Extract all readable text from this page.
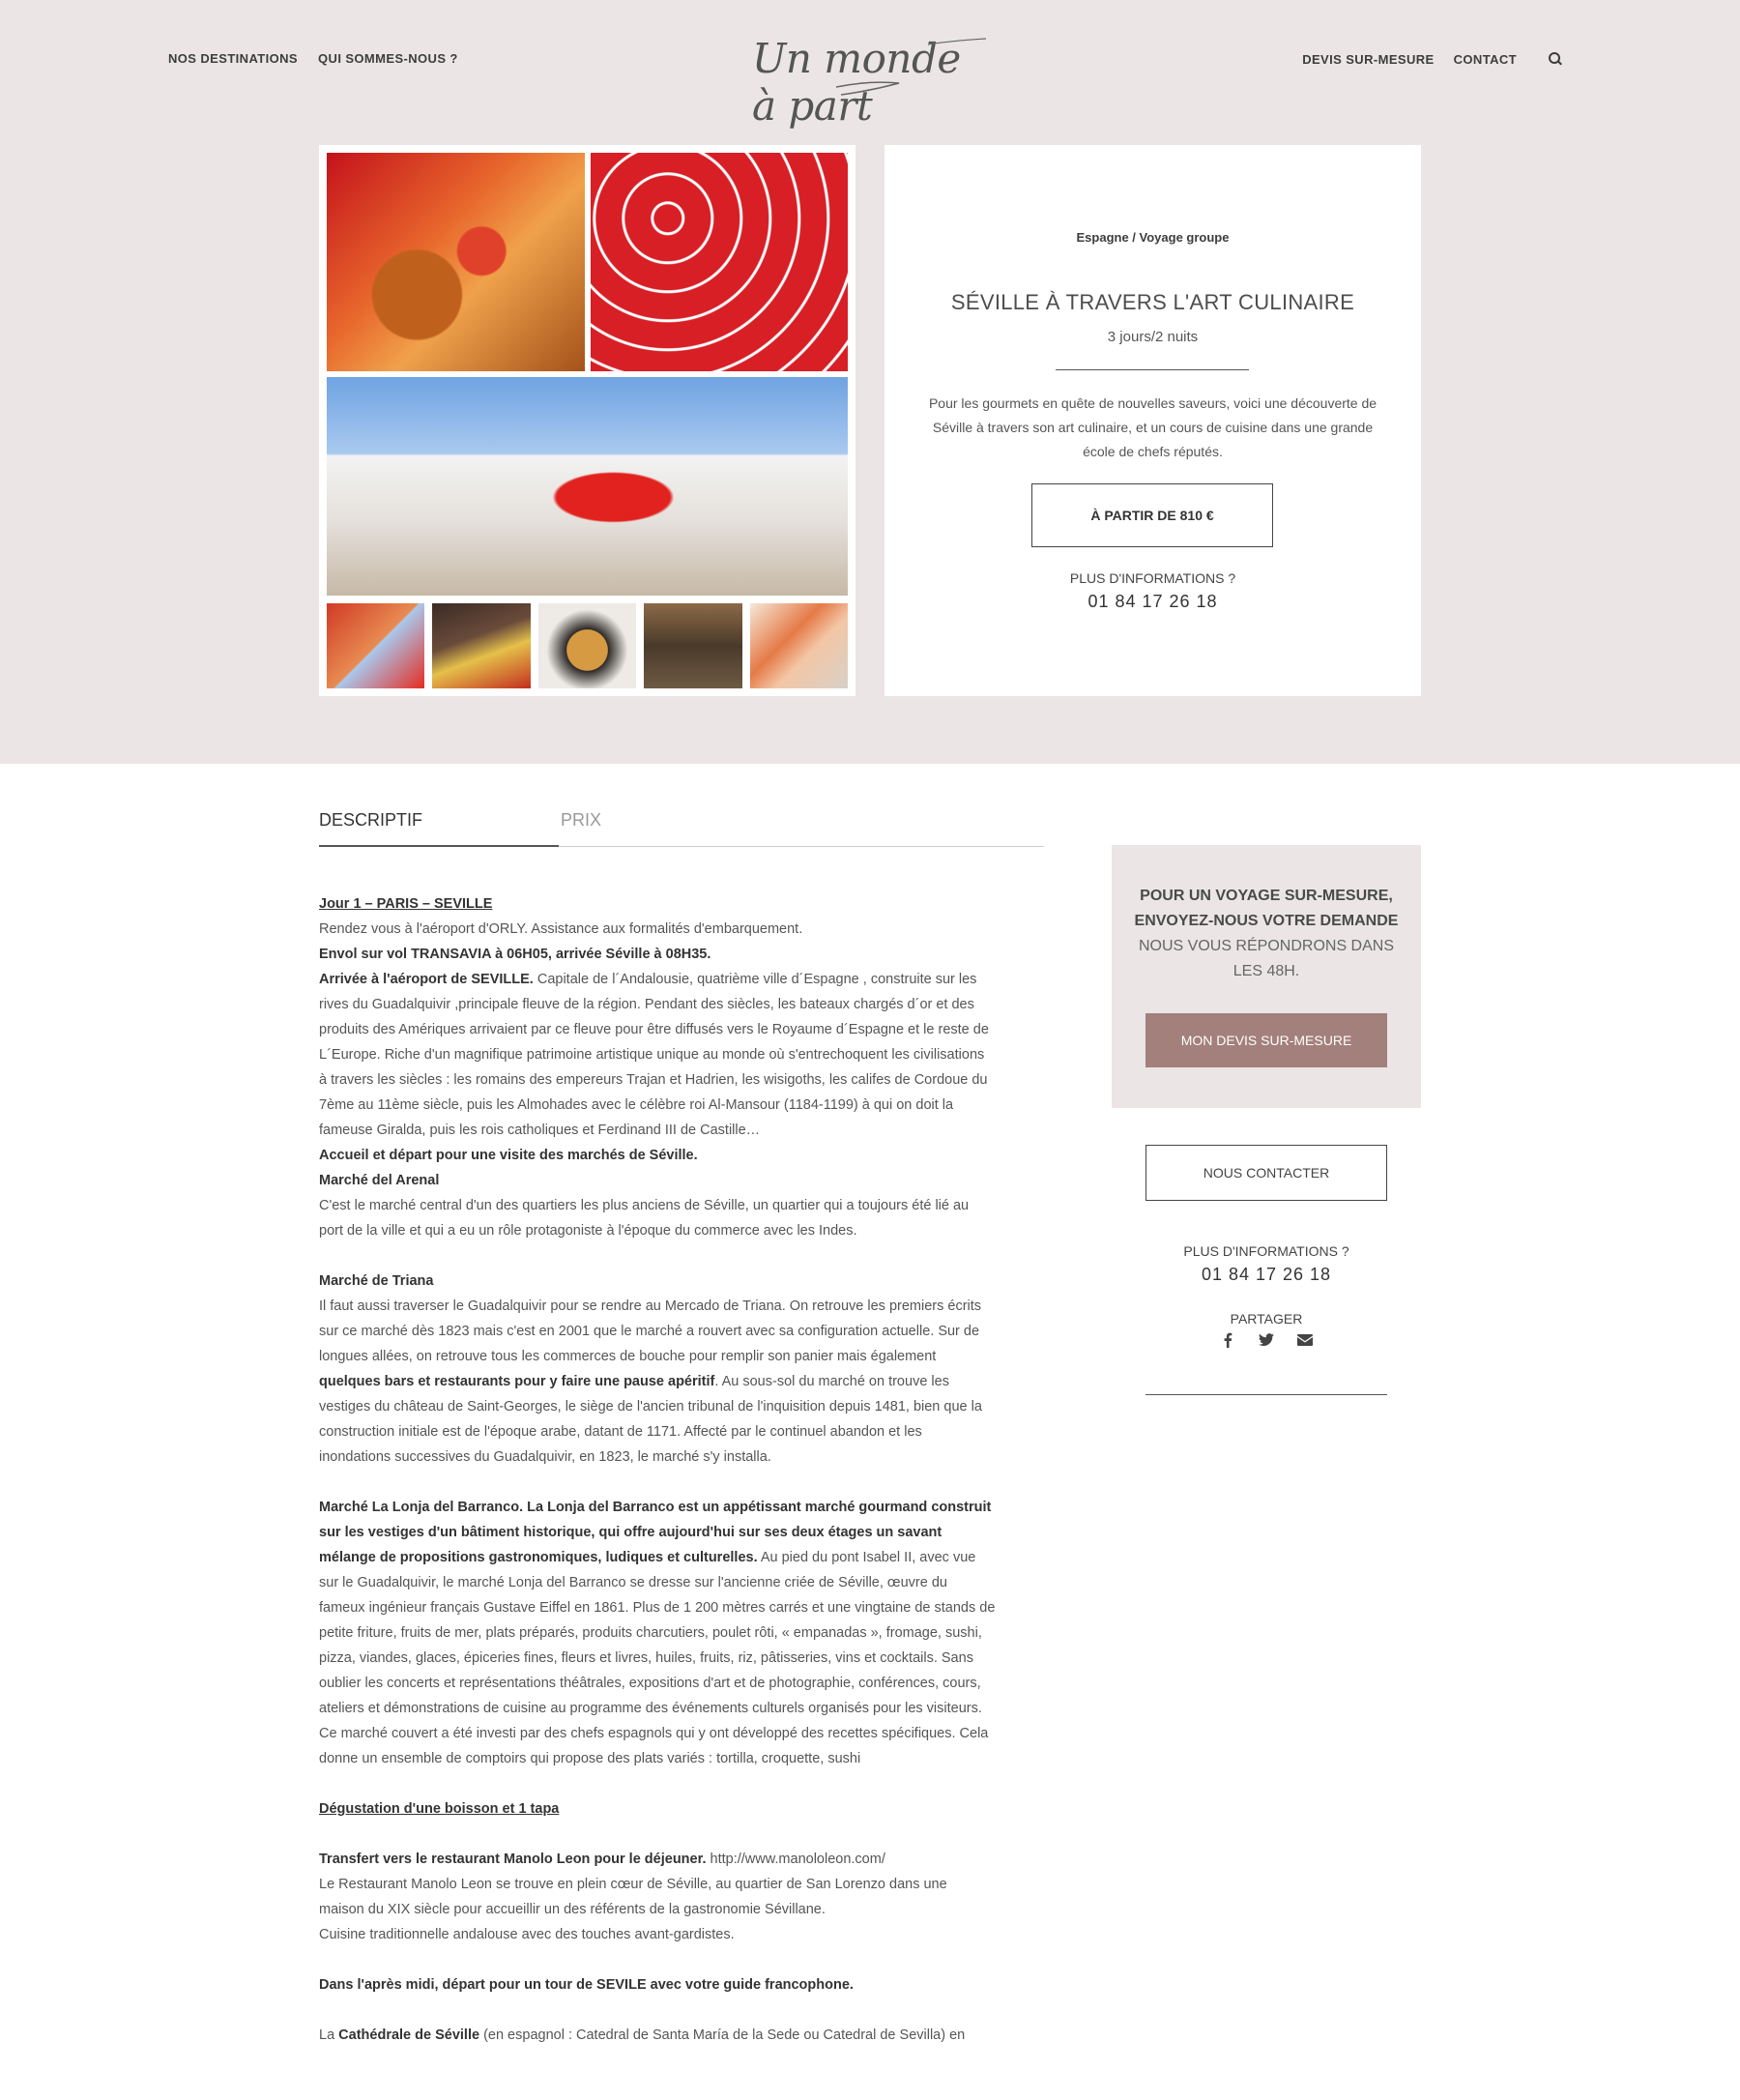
NOS DESTINATIONS QUI SOMMES-NOUS ?	Un monde à part
DEVIS SUR-MESURE CONTACT
Espagne / Voyage groupe
SÉVILLE À TRAVERS L'ART CULINAIRE
3 jours/2 nuits
Pour les gourmets en quête de nouvelles saveurs, voici une découverte de Séville à travers son art culinaire, et un cours de cuisine dans une grande école de chefs réputés.
À PARTIR DE 810 €
PLUS D'INFORMATIONS ?
01 84 17 26 18
DESCRIPTIF	PRIX

Jour 1 – PARIS – SEVILLE

Rendez vous à l'aéroport d'ORLY. Assistance aux formalités d'embarquement.

Envol sur vol TRANSAVIA à 06H05, arrivée Séville à 08H35.

Arrivée à l'aéroport de SEVILLE. Capitale de l´Andalousie, quatrième ville d´Espagne , construite sur les rives du Guadalquivir ,principale fleuve de la région. Pendant des siècles, les bateaux chargés d´or et des produits des Amériques arrivaient par ce fleuve pour être diffusés vers le Royaume d´Espagne et le reste de L´Europe. Riche d'un magnifique patrimoine artistique unique au monde où s'entrechoquent les civilisations à travers les siècles : les romains des empereurs Trajan et Hadrien, les wisigoths, les califes de Cordoue du 7ème au 11ème siècle, puis les Almohades avec le célèbre roi Al-Mansour (1184-1199) à qui on doit la fameuse Giralda, puis les rois catholiques et Ferdinand III de Castille…

Accueil et départ pour une visite des marchés de Séville.

Marché del Arenal

C'est le marché central d'un des quartiers les plus anciens de Séville, un quartier qui a toujours été lié au port de la ville et qui a eu un rôle protagoniste à l'époque du commerce avec les Indes.

Marché de Triana

Il faut aussi traverser le Guadalquivir pour se rendre au Mercado de Triana. On retrouve les premiers écrits sur ce marché dès 1823 mais c'est en 2001 que le marché a rouvert avec sa configuration actuelle. Sur de longues allées, on retrouve tous les commerces de bouche pour remplir son panier mais également quelques bars et restaurants pour y faire une pause apéritif. Au sous-sol du marché on trouve les vestiges du château de Saint-Georges, le siège de l'ancien tribunal de l'inquisition depuis 1481, bien que la construction initiale est de l'époque arabe, datant de 1171. Affecté par le continuel abandon et les inondations successives du Guadalquivir, en 1823, le marché s'y installa.

Marché La Lonja del Barranco. La Lonja del Barranco est un appétissant marché gourmand construit sur les vestiges d'un bâtiment historique, qui offre aujourd'hui sur ses deux étages un savant mélange de propositions gastronomiques, ludiques et culturelles. Au pied du pont Isabel II, avec vue sur le Guadalquivir, le marché Lonja del Barranco se dresse sur l'ancienne criée de Séville, œuvre du fameux ingénieur français Gustave Eiffel en 1861. Plus de 1 200 mètres carrés et une vingtaine de stands de petite friture, fruits de mer, plats préparés, produits charcutiers, poulet rôti, « empanadas », fromage, sushi, pizza, viandes, glaces, épiceries fines, fleurs et livres, huiles, fruits, riz, pâtisseries, vins et cocktails. Sans oublier les concerts et représentations théâtrales, expositions d'art et de photographie, conférences, cours, ateliers et démonstrations de cuisine au programme des événements culturels organisés pour les visiteurs. Ce marché couvert a été investi par des chefs espagnols qui y ont développé des recettes spécifiques. Cela donne un ensemble de comptoirs qui propose des plats variés : tortilla, croquette, sushi

Dégustation d'une boisson et 1 tapa

Transfert vers le restaurant Manolo Leon pour le déjeuner. http://www.manololeon.com/

Le Restaurant Manolo Leon se trouve en plein cœur de Séville, au quartier de San Lorenzo dans une maison du XIX siècle pour accueillir un des référents de la gastronomie Sévillane.

Cuisine traditionnelle andalouse avec des touches avant-gardistes.

Dans l'après midi, départ pour un tour de SEVILE avec votre guide francophone.

La Cathédrale de Séville (en espagnol : Catedral de Santa María de la Sede ou Catedral de Sevilla) en

POUR UN VOYAGE SUR-MESURE, ENVOYEZ-NOUS VOTRE DEMANDE
NOUS VOUS RÉPONDRONS DANS LES 48H.
MON DEVIS SUR-MESURE
NOUS CONTACTER
PLUS D'INFORMATIONS ?
01 84 17 26 18
PARTAGER
